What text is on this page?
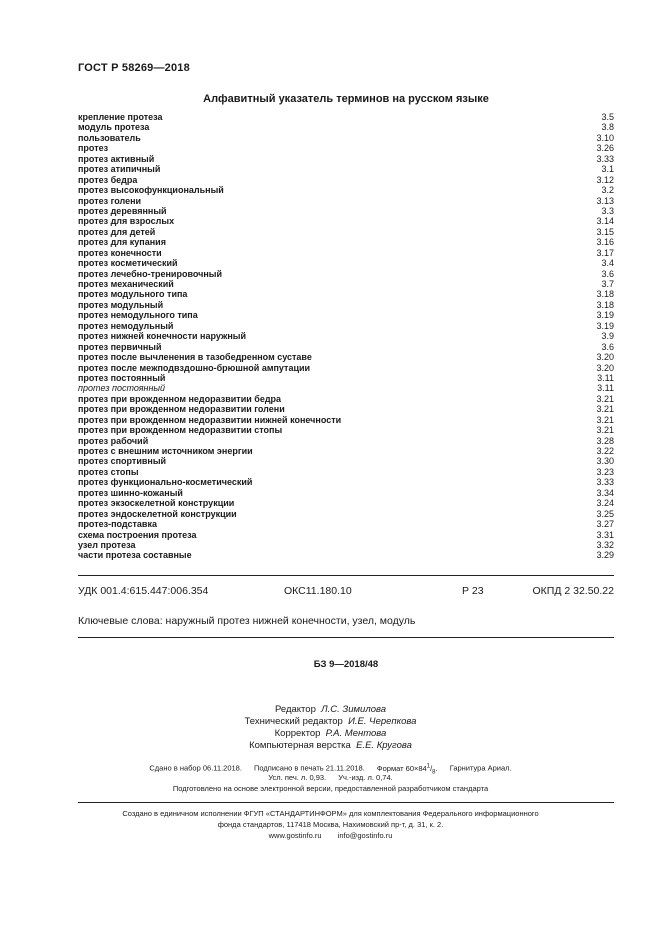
ГОСТ Р 58269—2018
Алфавитный указатель терминов на русском языке
крепление протеза	3.5
модуль протеза	3.8
пользователь	3.10
протез	3.26
протез активный	3.33
протез атипичный	3.1
протез бедра	3.12
протез высокофункциональный	3.2
протез голени	3.13
протез деревянный	3.3
протез для взрослых	3.14
протез для детей	3.15
протез для купания	3.16
протез конечности	3.17
протез косметический	3.4
протез лечебно-тренировочный	3.6
протез механический	3.7
протез модульного типа	3.18
протез модульный	3.18
протез немодульного типа	3.19
протез немодульный	3.19
протез нижней конечности наружный	3.9
протез первичный	3.6
протез после вычленения в тазобедренном суставе	3.20
протез после межподвздошно-брюшной ампутации	3.20
протез постоянный	3.11
протез постоянный	3.11
протез при врожденном недоразвитии бедра	3.21
протез при врожденном недоразвитии голени	3.21
протез при врожденном недоразвитии нижней конечности	3.21
протез при врожденном недоразвитии стопы	3.21
протез рабочий	3.28
протез с внешним источником энергии	3.22
протез спортивный	3.30
протез стопы	3.23
протез функционально-косметический	3.33
протез шинно-кожаный	3.34
протез экзоскелетной конструкции	3.24
протез эндоскелетной конструкции	3.25
протез-подставка	3.27
схема построения протеза	3.31
узел протеза	3.32
части протеза составные	3.29
УДК 001.4:615.447:006.354	ОКС11.180.10	Р 23	ОКПД 2 32.50.22
Ключевые слова: наружный протез нижней конечности, узел, модуль
БЗ 9—2018/48
Редактор Л.С. Зимилова
Технический редактор И.Е. Черепкова
Корректор Р.А. Ментова
Компьютерная верстка Е.Е. Кругова
Сдано в набор 06.11.2018. Подписано в печать 21.11.2018. Формат $60\times 84^1/_8$. Гарнитура Ариал.
Усл. печ. л. 0,93. Уч.-изд. л. 0,74.
Подготовлено на основе электронной версии, предоставленной разработчиком стандарта
Создано в единичном исполнении ФГУП «СТАНДАРТИНФОРМ» для комплектования Федерального информационного
фонда стандартов, 117418 Москва, Нахимовский пр-т, д. 31, к. 2.
www.gostinfo.ru info@gostinfo.ru
